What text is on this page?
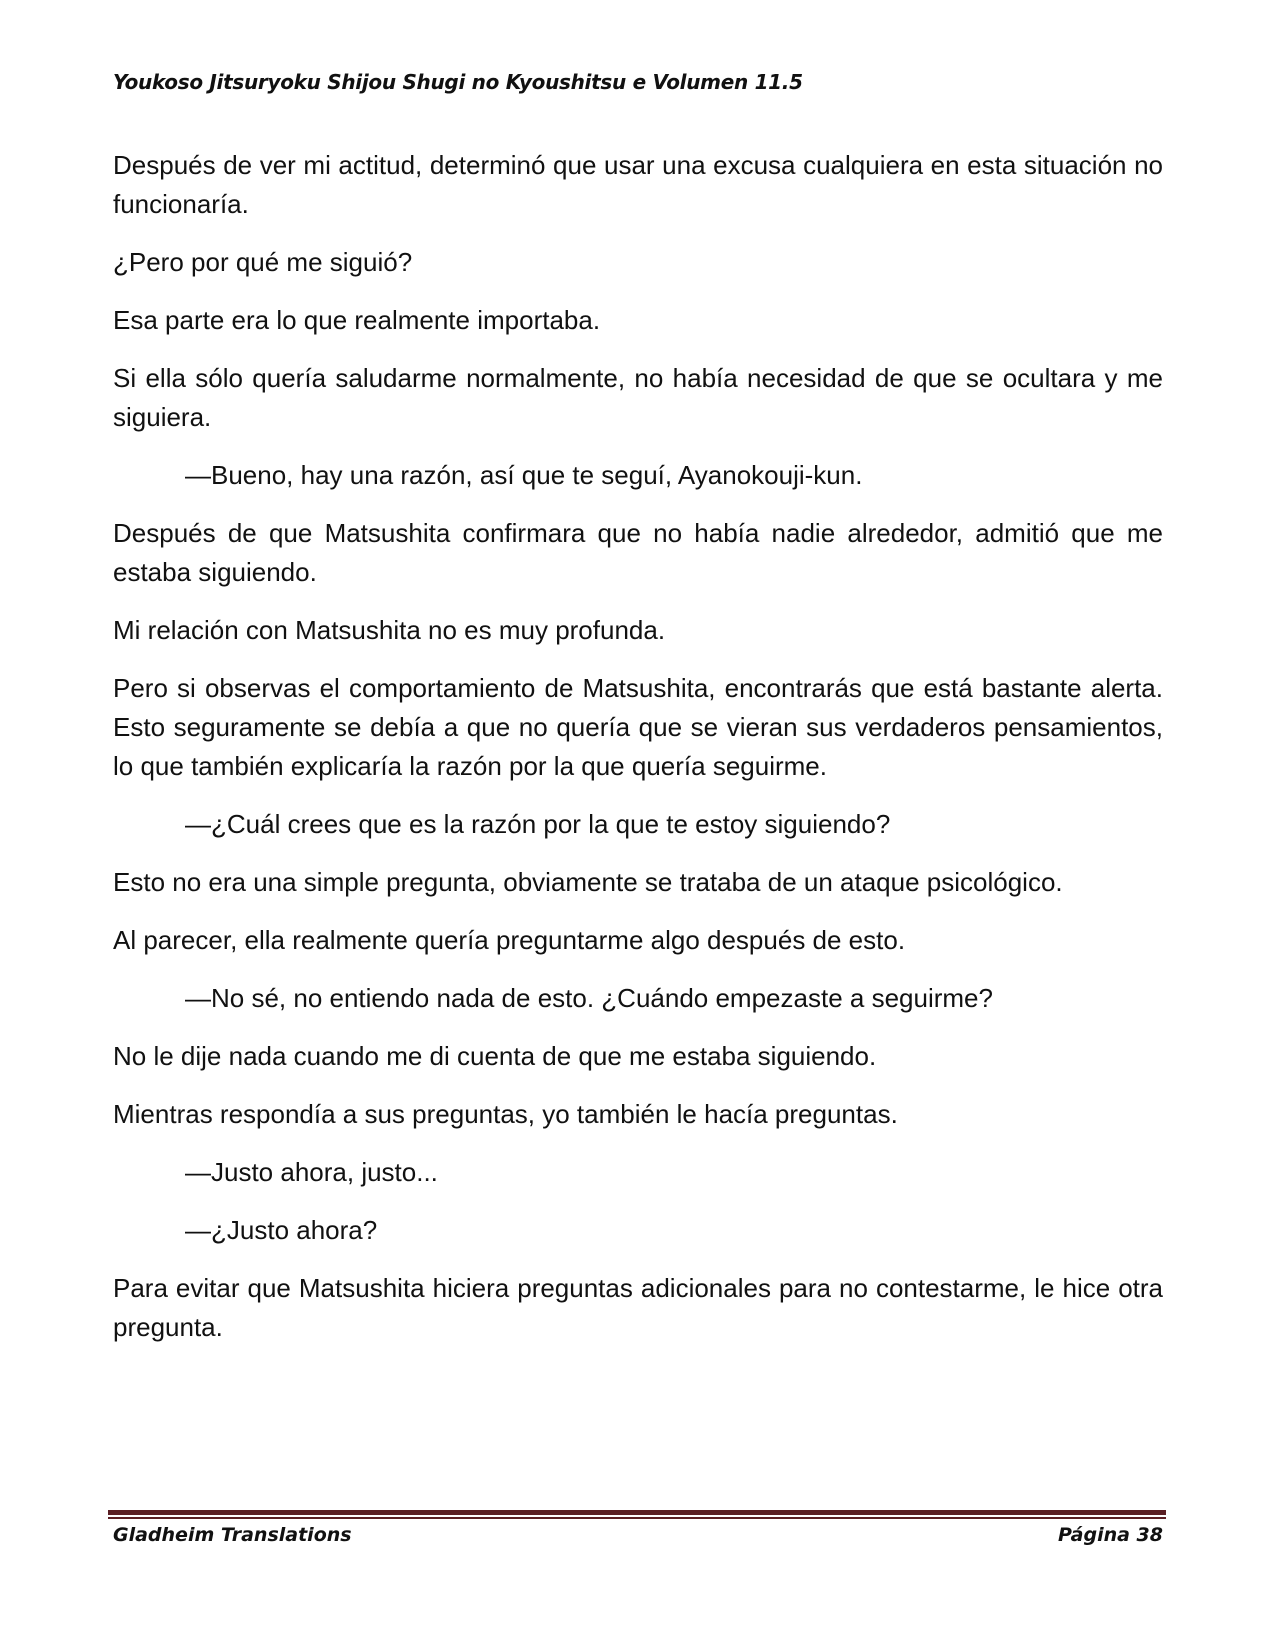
Youkoso Jitsuryoku Shijou Shugi no Kyoushitsu e Volumen 11.5

Después de ver mi actitud, determinó que usar una excusa cualquiera en esta situación no funcionaría.

¿Pero por qué me siguió?

Esa parte era lo que realmente importaba.

Si ella sólo quería saludarme normalmente, no había necesidad de que se ocultara y me siguiera.

—Bueno, hay una razón, así que te seguí, Ayanokouji-kun.

Después de que Matsushita confirmara que no había nadie alrededor, admitió que me estaba siguiendo.

Mi relación con Matsushita no es muy profunda.

Pero si observas el comportamiento de Matsushita, encontrarás que está bastante alerta. Esto seguramente se debía a que no quería que se vieran sus verdaderos pensamientos, lo que también explicaría la razón por la que quería seguirme.

—¿Cuál crees que es la razón por la que te estoy siguiendo?

Esto no era una simple pregunta, obviamente se trataba de un ataque psicológico.

Al parecer, ella realmente quería preguntarme algo después de esto.

—No sé, no entiendo nada de esto. ¿Cuándo empezaste a seguirme?

No le dije nada cuando me di cuenta de que me estaba siguiendo.

Mientras respondía a sus preguntas, yo también le hacía preguntas.

—Justo ahora, justo...

—¿Justo ahora?

Para evitar que Matsushita hiciera preguntas adicionales para no contestarme, le hice otra pregunta.

Gladheim Translations	Página 38
